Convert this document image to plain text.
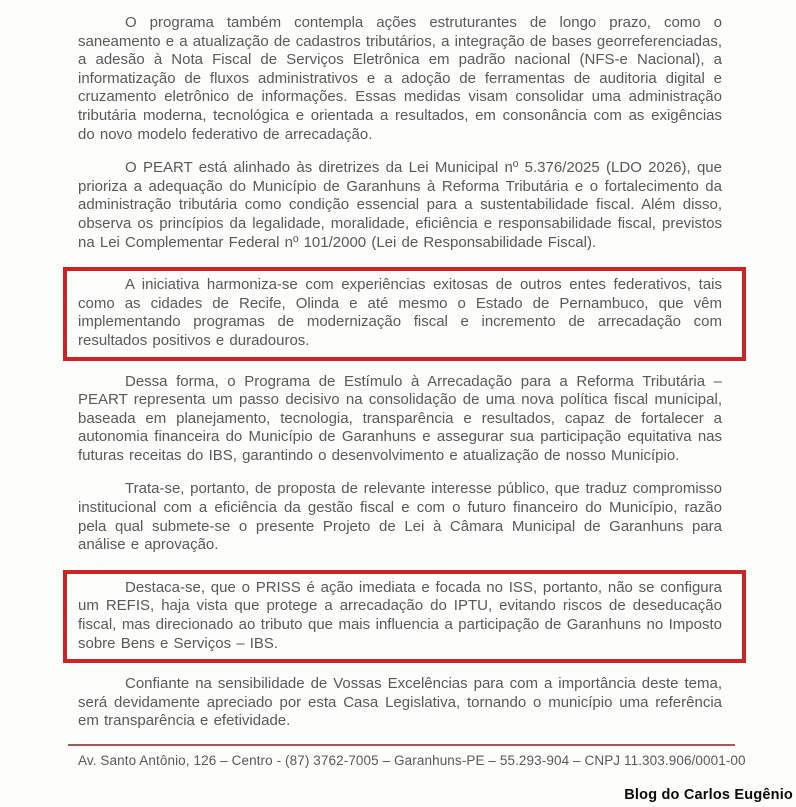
O programa também contempla ações estruturantes de longo prazo, como o saneamento e a atualização de cadastros tributários, a integração de bases georreferenciadas, a adesão à Nota Fiscal de Serviços Eletrônica em padrão nacional (NFS-e Nacional), a informatização de fluxos administrativos e a adoção de ferramentas de auditoria digital e cruzamento eletrônico de informações. Essas medidas visam consolidar uma administração tributária moderna, tecnológica e orientada a resultados, em consonância com as exigências do novo modelo federativo de arrecadação.

O PEART está alinhado às diretrizes da Lei Municipal nº 5.376/2025 (LDO 2026), que prioriza a adequação do Município de Garanhuns à Reforma Tributária e o fortalecimento da administração tributária como condição essencial para a sustentabilidade fiscal. Além disso, observa os princípios da legalidade, moralidade, eficiência e responsabilidade fiscal, previstos na Lei Complementar Federal nº 101/2000 (Lei de Responsabilidade Fiscal).

A iniciativa harmoniza-se com experiências exitosas de outros entes federativos, tais como as cidades de Recife, Olinda e até mesmo o Estado de Pernambuco, que vêm implementando programas de modernização fiscal e incremento de arrecadação com resultados positivos e duradouros.

Dessa forma, o Programa de Estímulo à Arrecadação para a Reforma Tributária – PEART representa um passo decisivo na consolidação de uma nova política fiscal municipal, baseada em planejamento, tecnologia, transparência e resultados, capaz de fortalecer a autonomia financeira do Município de Garanhuns e assegurar sua participação equitativa nas futuras receitas do IBS, garantindo o desenvolvimento e atualização de nosso Município.

Trata-se, portanto, de proposta de relevante interesse público, que traduz compromisso institucional com a eficiência da gestão fiscal e com o futuro financeiro do Município, razão pela qual submete-se o presente Projeto de Lei à Câmara Municipal de Garanhuns para análise e aprovação.

Destaca-se, que o PRISS é ação imediata e focada no ISS, portanto, não se configura um REFIS, haja vista que protege a arrecadação do IPTU, evitando riscos de deseducação fiscal, mas direcionado ao tributo que mais influencia a participação de Garanhuns no Imposto sobre Bens e Serviços – IBS.

Confiante na sensibilidade de Vossas Excelências para com a importância deste tema, será devidamente apreciado por esta Casa Legislativa, tornando o município uma referência em transparência e efetividade.

Av. Santo Antônio, 126 – Centro - (87) 3762-7005 – Garanhuns-PE – 55.293-904 – CNPJ 11.303.906/0001-00
Blog do Carlos Eugênio
